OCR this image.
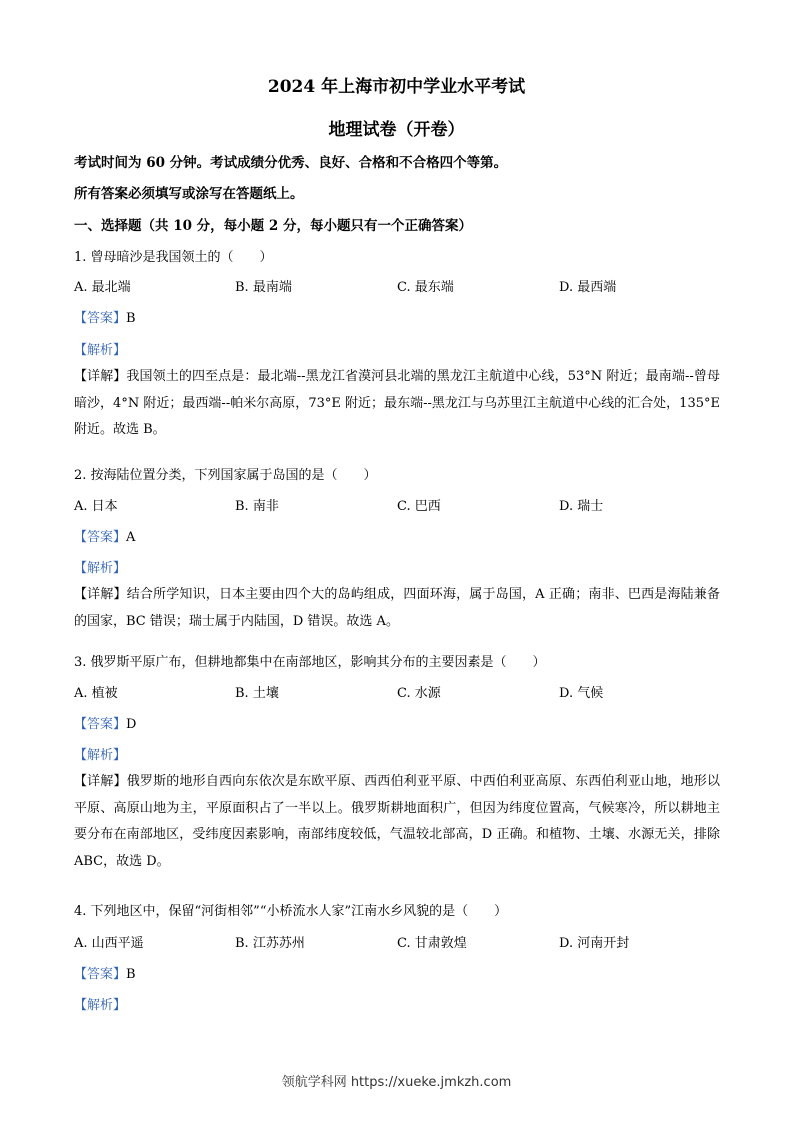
2024 年上海市初中学业水平考试
地理试卷（开卷）
考试时间为 60 分钟。考试成绩分优秀、良好、合格和不合格四个等第。
所有答案必须填写或涂写在答题纸上。
一、选择题（共 10 分，每小题 2 分，每小题只有一个正确答案）
1. 曾母暗沙是我国领土的（　　）
A. 最北端	B. 最南端	C. 最东端	D. 最西端
【答案】B
【解析】
【详解】我国领土的四至点是：最北端--黑龙江省漠河县北端的黑龙江主航道中心线，53°N 附近；最南端--曾母暗沙，4°N 附近；最西端--帕米尔高原，73°E 附近；最东端--黑龙江与乌苏里江主航道中心线的汇合处，135°E 附近。故选 B。
2. 按海陆位置分类，下列国家属于岛国的是（　　）
A. 日本	B. 南非	C. 巴西	D. 瑞士
【答案】A
【解析】
【详解】结合所学知识，日本主要由四个大的岛屿组成，四面环海，属于岛国，A 正确；南非、巴西是海陆兼备的国家，BC 错误；瑞士属于内陆国，D 错误。故选 A。
3. 俄罗斯平原广布，但耕地都集中在南部地区，影响其分布的主要因素是（　　）
A. 植被	B. 土壤	C. 水源	D. 气候
【答案】D
【解析】
【详解】俄罗斯的地形自西向东依次是东欧平原、西西伯利亚平原、中西伯利亚高原、东西伯利亚山地，地形以平原、高原山地为主，平原面积占了一半以上。俄罗斯耕地面积广，但因为纬度位置高，气候寒冷，所以耕地主要分布在南部地区，受纬度因素影响，南部纬度较低，气温较北部高，D 正确。和植物、土壤、水源无关，排除 ABC，故选 D。
4. 下列地区中，保留“河街相邻”“小桥流水人家”江南水乡风貌的是（　　）
A. 山西平遥	B. 江苏苏州	C. 甘肃敦煌	D. 河南开封
【答案】B
【解析】
领航学科网 https://xueke.jmkzh.com
